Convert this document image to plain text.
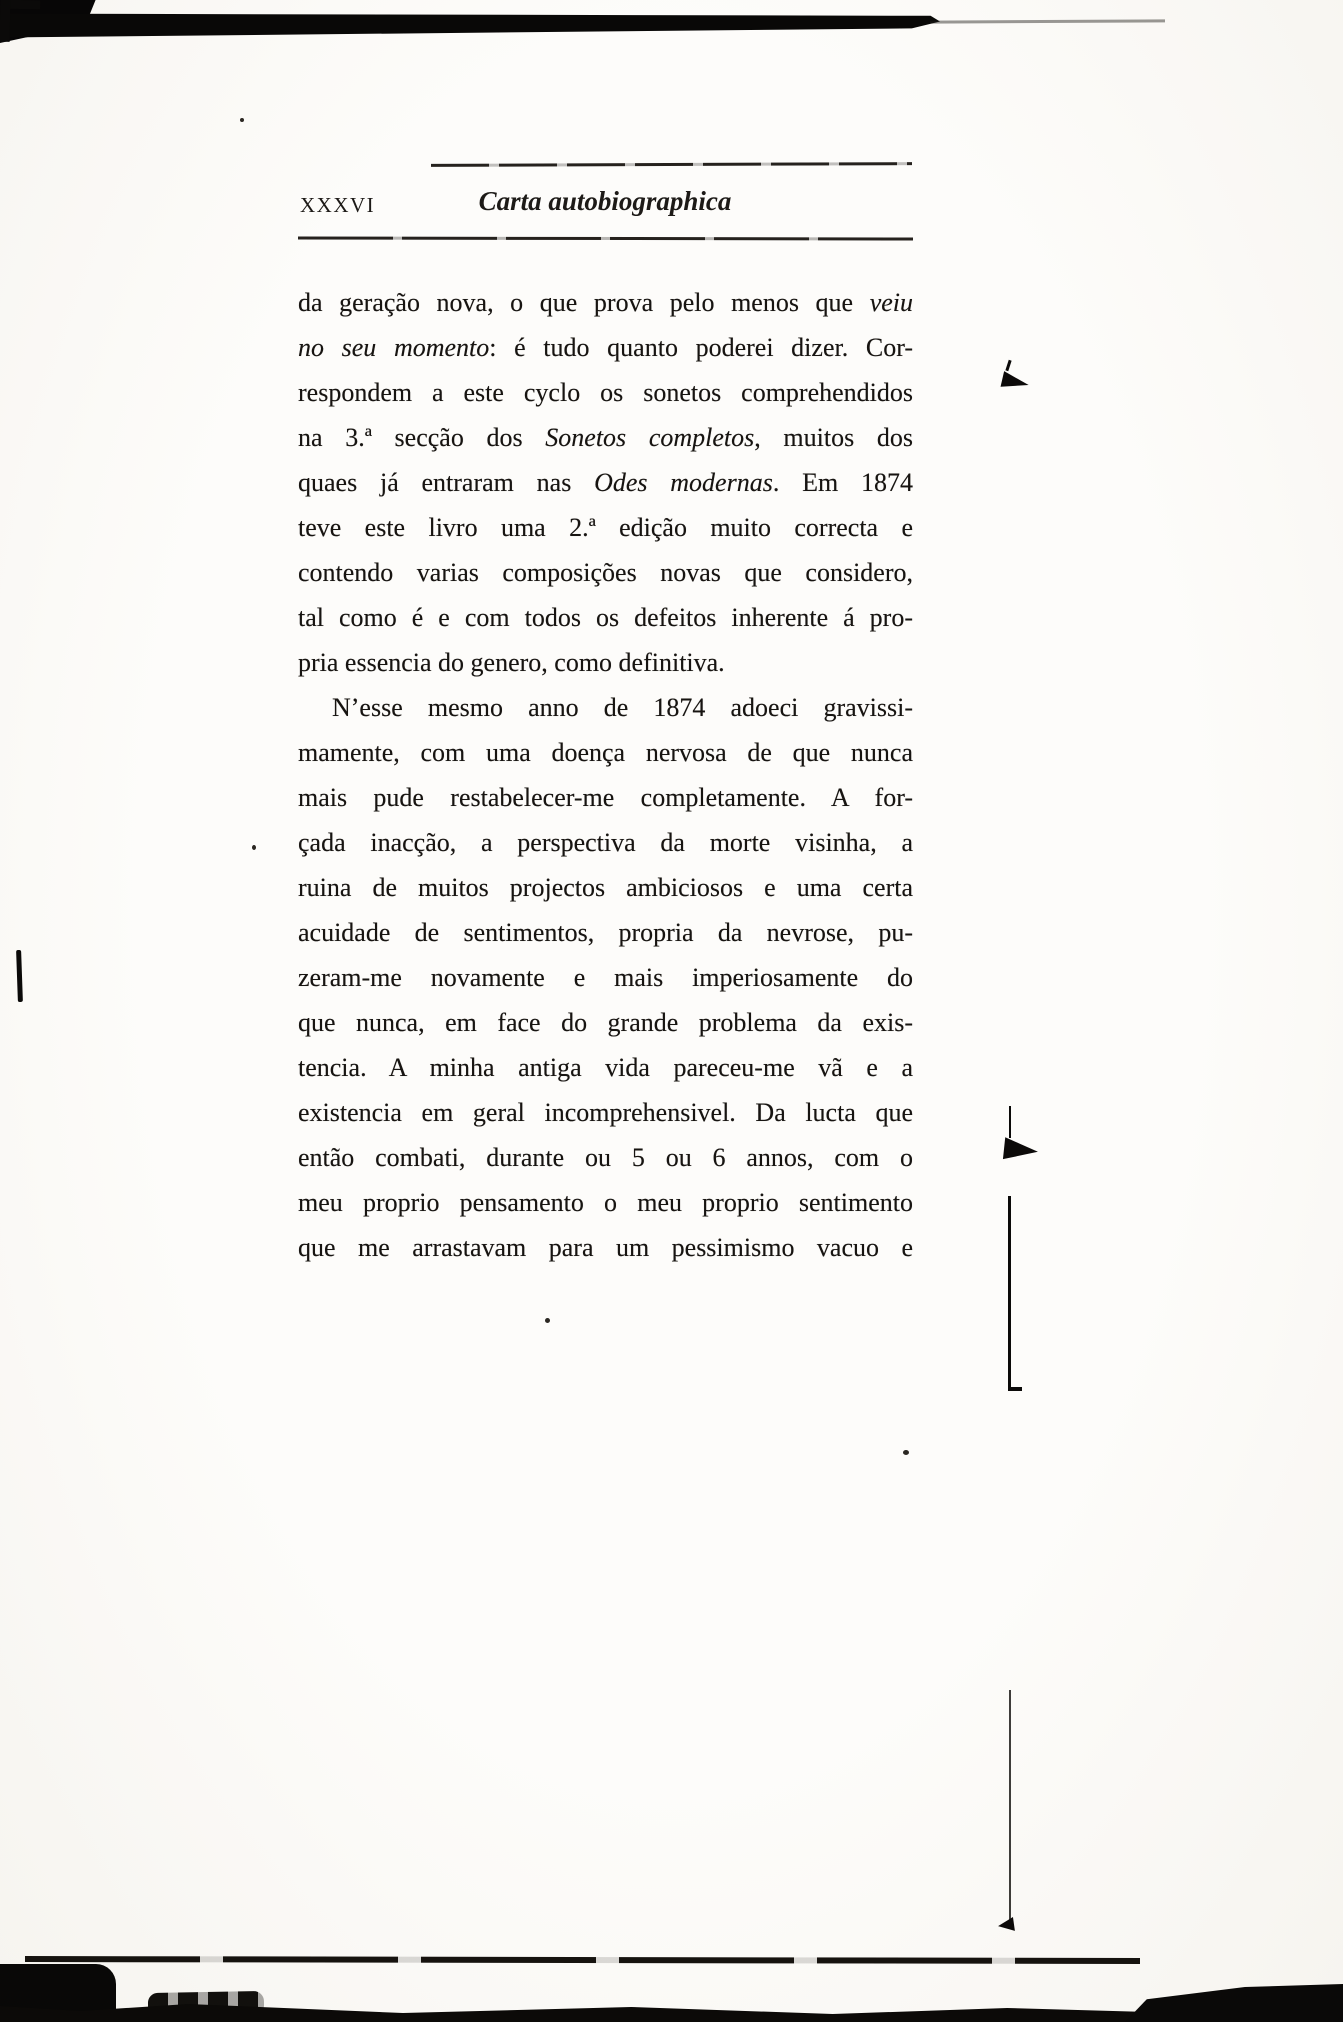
XXXVI	Carta autobiographica
da geração nova, o que prova pelo menos que veiu
no seu momento: é tudo quanto poderei dizer. Cor-
respondem a este cyclo os sonetos comprehendidos
na 3.ª secção dos Sonetos completos, muitos dos
quaes já entraram nas Odes modernas. Em 1874
teve este livro uma 2.ª edição muito correcta e
contendo varias composições novas que considero,
tal como é e com todos os defeitos inherente á pro-
pria essencia do genero, como definitiva.
N’esse mesmo anno de 1874 adoeci gravissi-
mamente, com uma doença nervosa de que nunca
mais pude restabelecer-me completamente. A for-
çada inacção, a perspectiva da morte visinha, a
ruina de muitos projectos ambiciosos e uma certa
acuidade de sentimentos, propria da nevrose, pu-
zeram-me novamente e mais imperiosamente do
que nunca, em face do grande problema da exis-
tencia. A minha antiga vida pareceu-me vã e a
existencia em geral incomprehensivel. Da lucta que
então combati, durante ou 5 ou 6 annos, com o
meu proprio pensamento o meu proprio sentimento
que me arrastavam para um pessimismo vacuo e
